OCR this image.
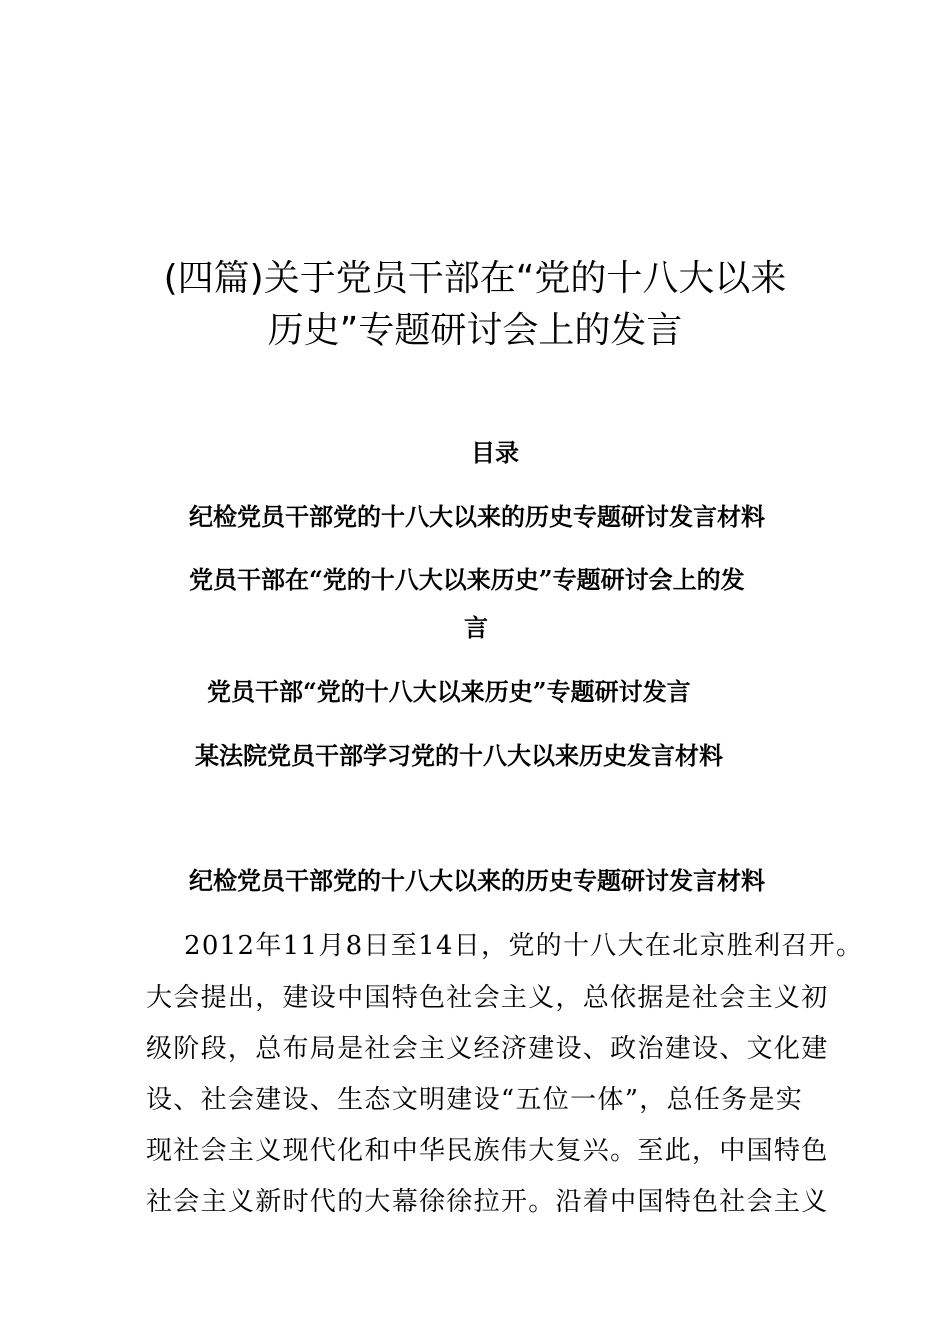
(四篇)关于党员干部在“党的十八大以来
历史”专题研讨会上的发言
目录
纪检党员干部党的十八大以来的历史专题研讨发言材料
党员干部在“党的十八大以来历史”专题研讨会上的发
言
党员干部“党的十八大以来历史”专题研讨发言
某法院党员干部学习党的十八大以来历史发言材料
纪检党员干部党的十八大以来的历史专题研讨发言材料
2012年11月8日至14日，党的十八大在北京胜利召开。
大会提出，建设中国特色社会主义，总依据是社会主义初
级阶段，总布局是社会主义经济建设、政治建设、文化建
设、社会建设、生态文明建设“五位一体”，总任务是实
现社会主义现代化和中华民族伟大复兴。至此，中国特色
社会主义新时代的大幕徐徐拉开。沿着中国特色社会主义
